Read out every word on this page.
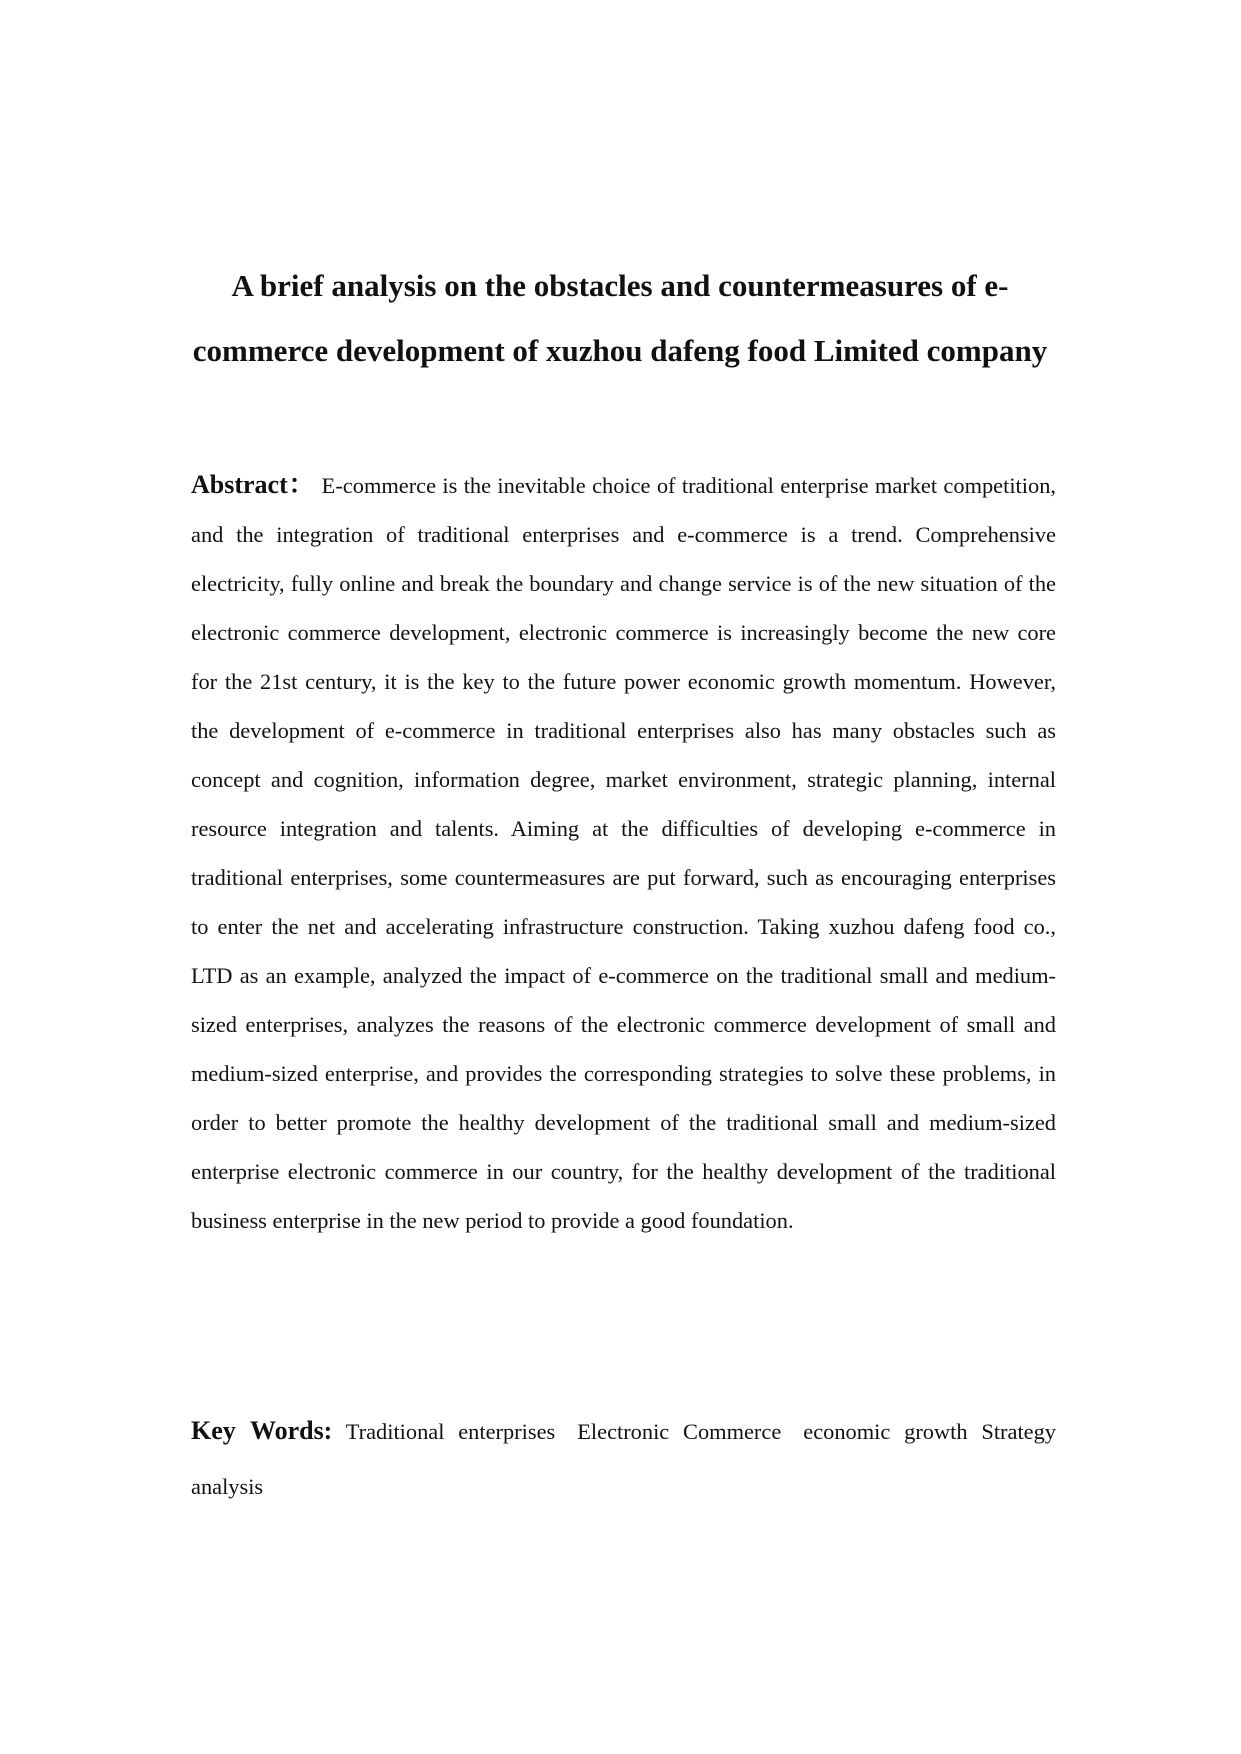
A brief analysis on the obstacles and countermeasures of e-commerce development of xuzhou dafeng food Limited company

Abstract： E-commerce is the inevitable choice of traditional enterprise market competition, and the integration of traditional enterprises and e-commerce is a trend. Comprehensive electricity, fully online and break the boundary and change service is of the new situation of the electronic commerce development, electronic commerce is increasingly become the new core for the 21st century, it is the key to the future power economic growth momentum. However, the development of e-commerce in traditional enterprises also has many obstacles such as concept and cognition, information degree, market environment, strategic planning, internal resource integration and talents. Aiming at the difficulties of developing e-commerce in traditional enterprises, some countermeasures are put forward, such as encouraging enterprises to enter the net and accelerating infrastructure construction. Taking xuzhou dafeng food co., LTD as an example, analyzed the impact of e-commerce on the traditional small and medium-sized enterprises, analyzes the reasons of the electronic commerce development of small and medium-sized enterprise, and provides the corresponding strategies to solve these problems, in order to better promote the healthy development of the traditional small and medium-sized enterprise electronic commerce in our country, for the healthy development of the traditional business enterprise in the new period to provide a good foundation.

Key Words: Traditional enterprises Electronic Commerce economic growth Strategy analysis
